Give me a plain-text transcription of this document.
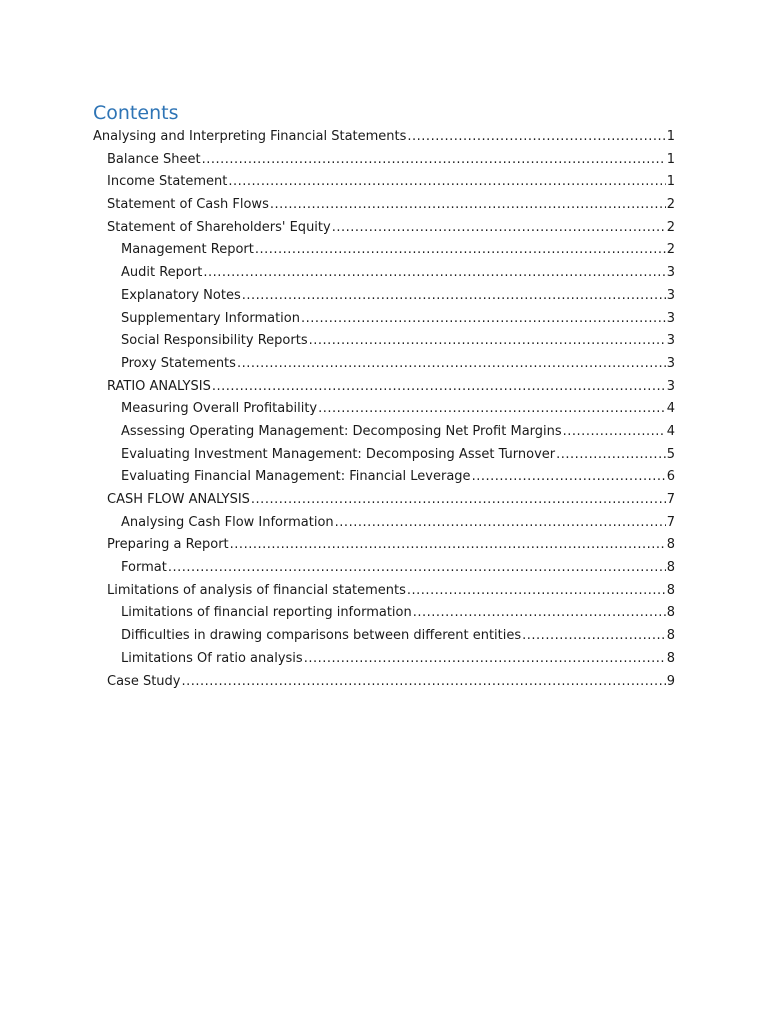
Contents
Analysing and Interpreting Financial Statements .....	1
Balance Sheet .....	1
Income Statement .....	1
Statement of Cash Flows .....	2
Statement of Shareholders' Equity .....	2
Management Report .....	2
Audit Report .....	3
Explanatory Notes .....	3
Supplementary Information .....	3
Social Responsibility Reports .....	3
Proxy Statements .....	3
RATIO ANALYSIS .....	3
Measuring Overall Profitability .....	4
Assessing Operating Management: Decomposing Net Profit Margins .....	4
Evaluating Investment Management: Decomposing Asset Turnover .....	5
Evaluating Financial Management: Financial Leverage .....	6
CASH FLOW ANALYSIS .....	7
Analysing Cash Flow Information .....	7
Preparing a Report .....	8
Format .....	8
Limitations of analysis of financial statements .....	8
Limitations of financial reporting information .....	8
Difficulties in drawing comparisons between different entities .....	8
Limitations Of ratio analysis .....	8
Case Study .....	9
